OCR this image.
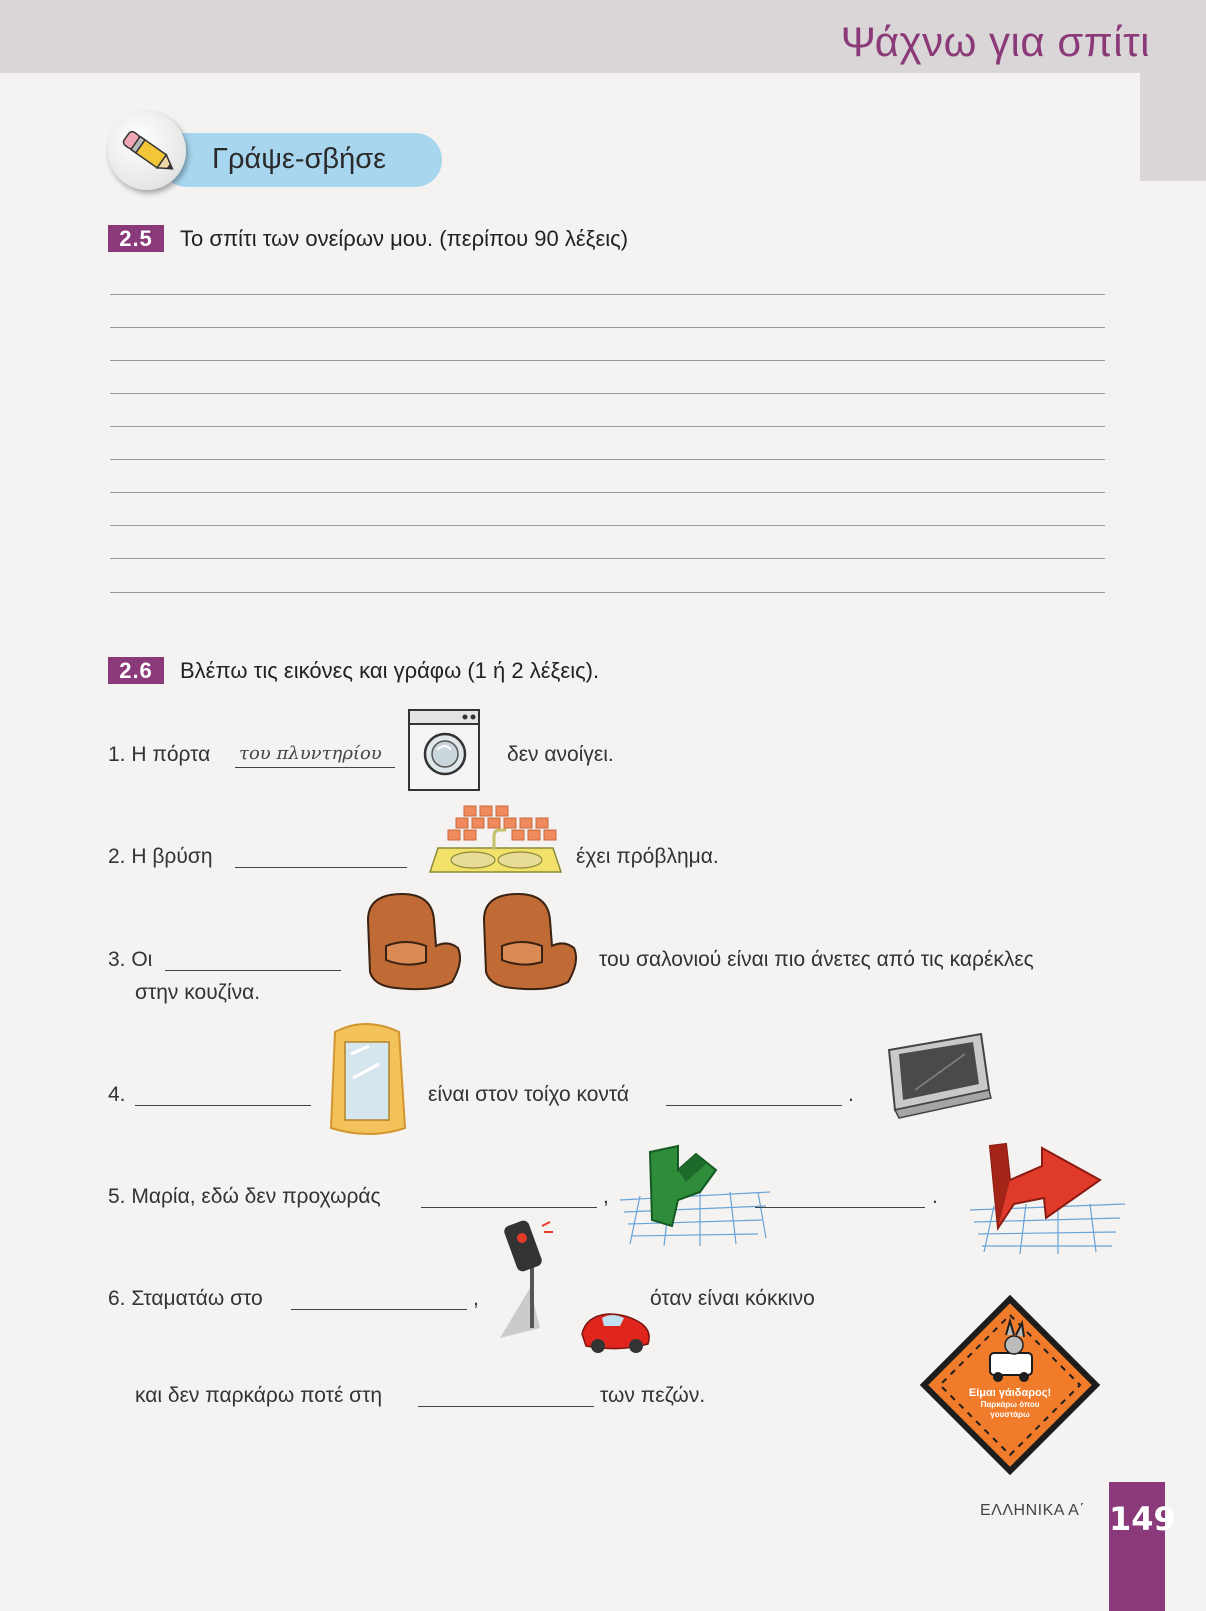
Ψάχνω για σπίτι
Γράψε-σβήσε
2.5	Το σπίτι των ονείρων μου. (περίπου 90 λέξεις)
2.6	Βλέπω τις εικόνες και γράφω (1 ή 2 λέξεις).
1. Η πόρτα του πλυντηρίου	δεν ανοίγει.
2. Η βρύση	έχει πρόβλημα.
3. Οι	του σαλονιού είναι πιο άνετες από τις καρέκλες
στην κουζίνα.
4.	είναι στον τοίχο κοντά	.
5. Μαρία, εδώ δεν προχωράς	,	.
6. Σταματάω στο	,	όταν είναι κόκκινο
και δεν παρκάρω ποτέ στη	των πεζών.	Είμαι γάιδαρος!
Παρκάρω όπου
γουστάρω
ΕΛΛΗΝΙΚΑ Α΄ 149
